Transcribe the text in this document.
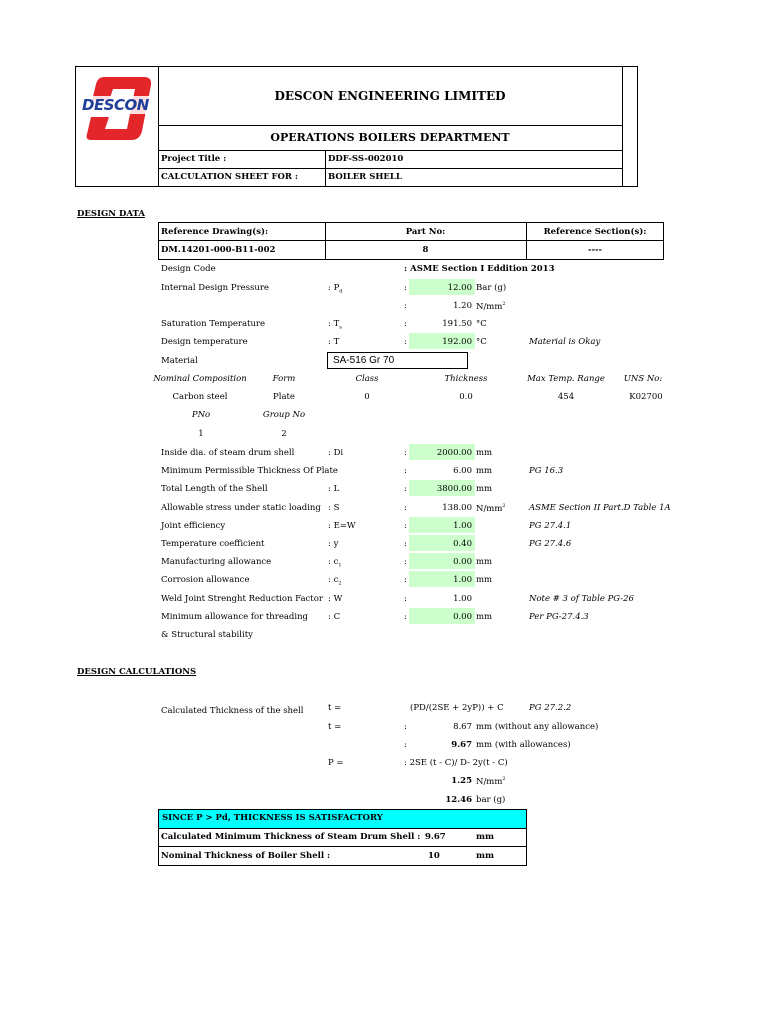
DESCON	DESCON ENGINEERING LIMITED
OPERATIONS BOILERS DEPARTMENT
Project Title :	DDF-SS-002010
CALCULATION SHEET FOR :	BOILER SHELL
DESIGN DATA
Reference Drawing(s):	Part No:	Reference Section(s):
DM.14201-000-B11-002	8	----
Design Code	: ASME Section I Eddition 2013
Internal Design Pressure	: $P_d$	:	12.00 Bar (g)
:	1.20 $N/mm^2$
Saturation Temperature	: $T_s$	:	191.50 °C
Design temperature	: T	:	192.00 °C	Material is Okay
Material	SA-516 Gr 70
Nominal Composition	Form	Class	Thickness	Max Temp. Range	UNS No:
Carbon steel	Plate	0	0.0	454	K02700
PNo	Group No
1	2
Inside dia. of steam drum shell	: Di	:	2000.00 mm
Minimum Permissible Thickness Of Plate	:	6.00 mm	PG 16.3
Total Length of the Shell	: L	:	3800.00 mm
Allowable stress under static loading : S	:	138.00 $N/mm^2$	ASME Section II Part.D Table 1A
Joint efficiency	: E=W	:	1.00	PG 27.4.1
Temperature coefficient	: y	:	0.40	PG 27.4.6
Manufacturing allowance	: $c_1$	:	0.00 mm
Corrosion allowance	: $c_2$	:	1.00 mm
Weld Joint Strenght Reduction Factor : W	:	1.00	Note # 3 of Table PG-26
Minimum allowance for threading : C	:	0.00 mm	Per PG-27.4.3
& Structural stability
DESIGN CALCULATIONS
Calculated Thickness of the shell	t =	(PD/(2SE + 2yP)) + C	PG 27.2.2
t =	:	8.67 mm (without any allowance)
:	9.67 mm (with allowances)
P =	: 2SE (t - C)/ D- 2y(t - C)
1.25 $N/mm^2$
12.46 bar (g)
SINCE P > Pd, THICKNESS IS SATISFACTORY
Calculated Minimum Thickness of Steam Drum Shell : 9.67	mm
Nominal Thickness of Boiler Shell :	10	mm
